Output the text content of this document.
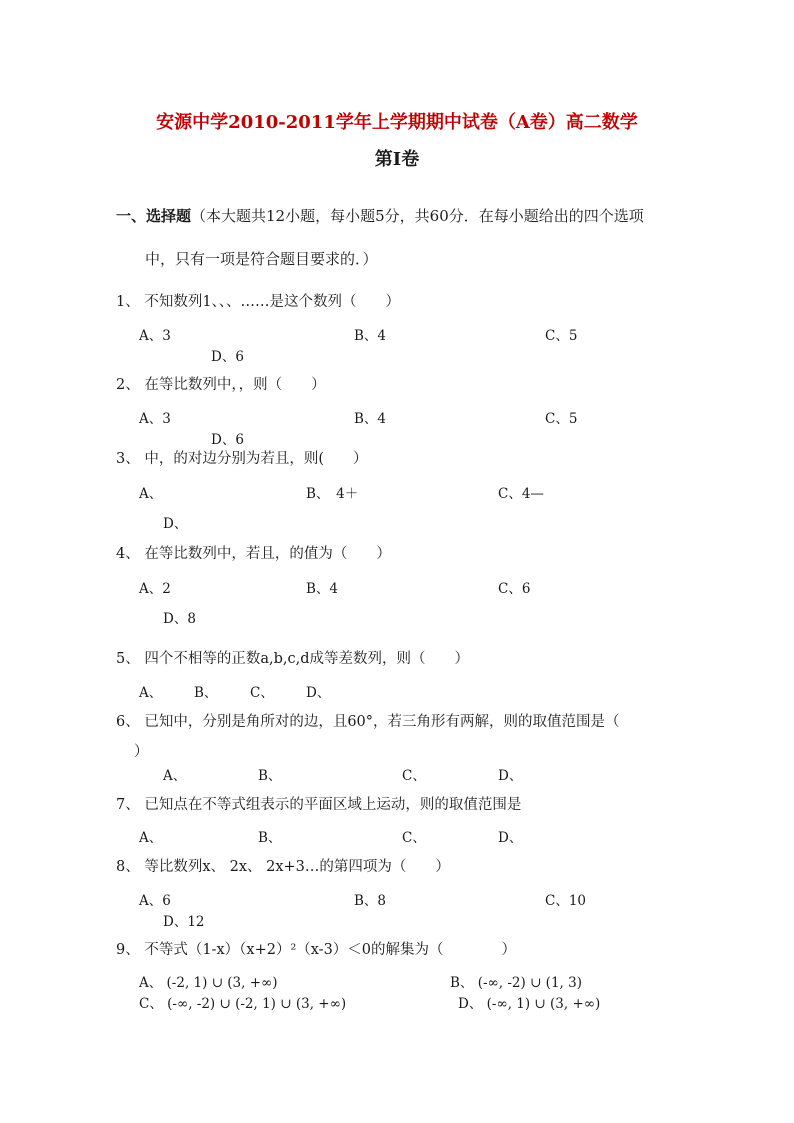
安源中学2010-2011学年上学期期中试卷（A卷）高二数学
第Ⅰ卷
一、选择题（本大题共12小题，每小题5分，共60分．在每小题给出的四个选项
中，只有一项是符合题目要求的．）
1、 不知数列1、、、……是这个数列（　　）
A、3	B、4	C、5
D、6
2、 在等比数列中，，则（　　）
A、3	B、4	C、5
D、6
3、 中，的对边分别为若且，则(　　）
A、	B、　4＋	C、4—
D、
4、 在等比数列中，若且，的值为（　　）
A、2	B、4	C、6
D、8
5、 四个不相等的正数a,b,c,d成等差数列，则（　　）
A、 B、 C、 D、
6、 已知中，分别是角所对的边，且60°，若三角形有两解，则的取值范围是（
）
A、	B、	C、	D、
7、 已知点在不等式组表示的平面区域上运动，则的取值范围是
A、	B、	C、	D、
8、 等比数列x、 2x、 2x+3…的第四项为（　　）
A、6	B、8	C、10
D、12
9、 不等式（1-x）（x+2）²（x-3）＜0的解集为（　　　　）
A、 (-2, 1) ∪ (3, +∞)	B、 (-∞, -2) ∪ (1, 3)
C、 (-∞, -2) ∪ (-2, 1) ∪ (3, +∞)	D、 (-∞, 1) ∪ (3, +∞)
